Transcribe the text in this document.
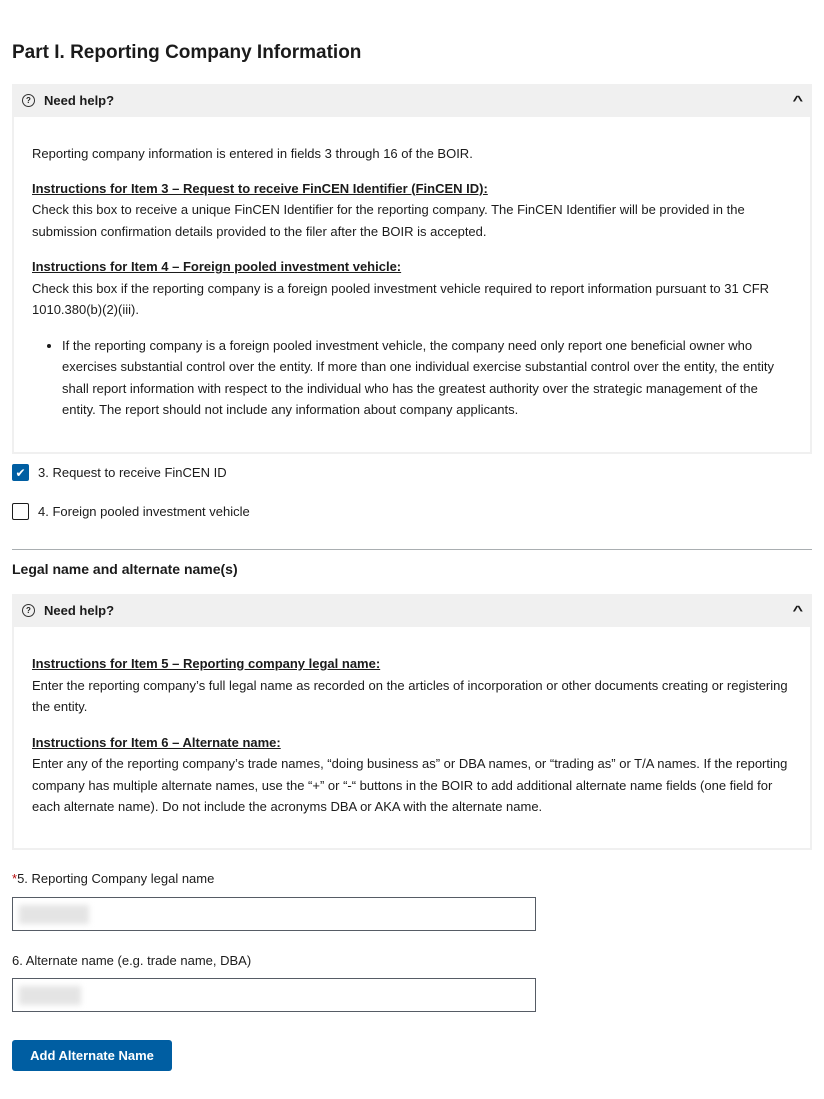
Part I. Reporting Company Information
?	Need help?	^

Reporting company information is entered in fields 3 through 16 of the BOIR.

Instructions for Item 3 – Request to receive FinCEN Identifier (FinCEN ID):

Check this box to receive a unique FinCEN Identifier for the reporting company. The FinCEN Identifier will be provided in the submission confirmation details provided to the filer after the BOIR is accepted.

Instructions for Item 4 – Foreign pooled investment vehicle:

Check this box if the reporting company is a foreign pooled investment vehicle required to report information pursuant to 31 CFR 1010.380(b)(2)(iii).

• If the reporting company is a foreign pooled investment vehicle, the company need only report one beneficial owner who exercises substantial control over the entity. If more than one individual exercise substantial control over the entity, the entity shall report information with respect to the individual who has the greatest authority over the strategic management of the entity. The report should not include any information about company applicants.
✔ 3. Request to receive FinCEN ID
4. Foreign pooled investment vehicle
Legal name and alternate name(s)
?	Need help?	^

Instructions for Item 5 – Reporting company legal name:

Enter the reporting company’s full legal name as recorded on the articles of incorporation or other documents creating or registering the entity.

Instructions for Item 6 – Alternate name:

Enter any of the reporting company’s trade names, “doing business as” or DBA names, or “trading as” or T/A names. If the reporting company has multiple alternate names, use the “+” or “-“ buttons in the BOIR to add additional alternate name fields (one field for each alternate name). Do not include the acronyms DBA or AKA with the alternate name.

*5. Reporting Company legal name
6. Alternate name (e.g. trade name, DBA)
Add Alternate Name
